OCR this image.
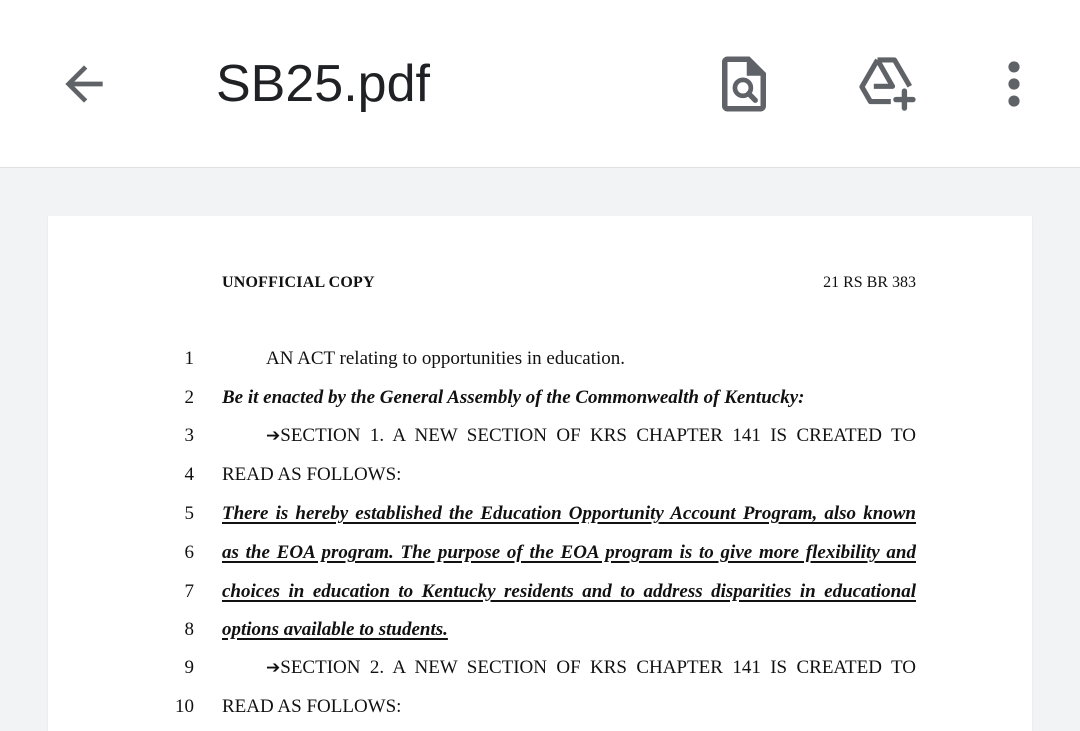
SB25.pdf
UNOFFICIAL COPY	21 RS BR 383
1	AN ACT relating to opportunities in education.
2 Be it enacted by the General Assembly of the Commonwealth of Kentucky:
3	➔SECTION 1. A NEW SECTION OF KRS CHAPTER 141 IS CREATED TO
4 READ AS FOLLOWS:
5 There is hereby established the Education Opportunity Account Program, also known
6 as the EOA program. The purpose of the EOA program is to give more flexibility and
7 choices in education to Kentucky residents and to address disparities in educational
8 options available to students.
9	➔SECTION 2. A NEW SECTION OF KRS CHAPTER 141 IS CREATED TO
10 READ AS FOLLOWS:
